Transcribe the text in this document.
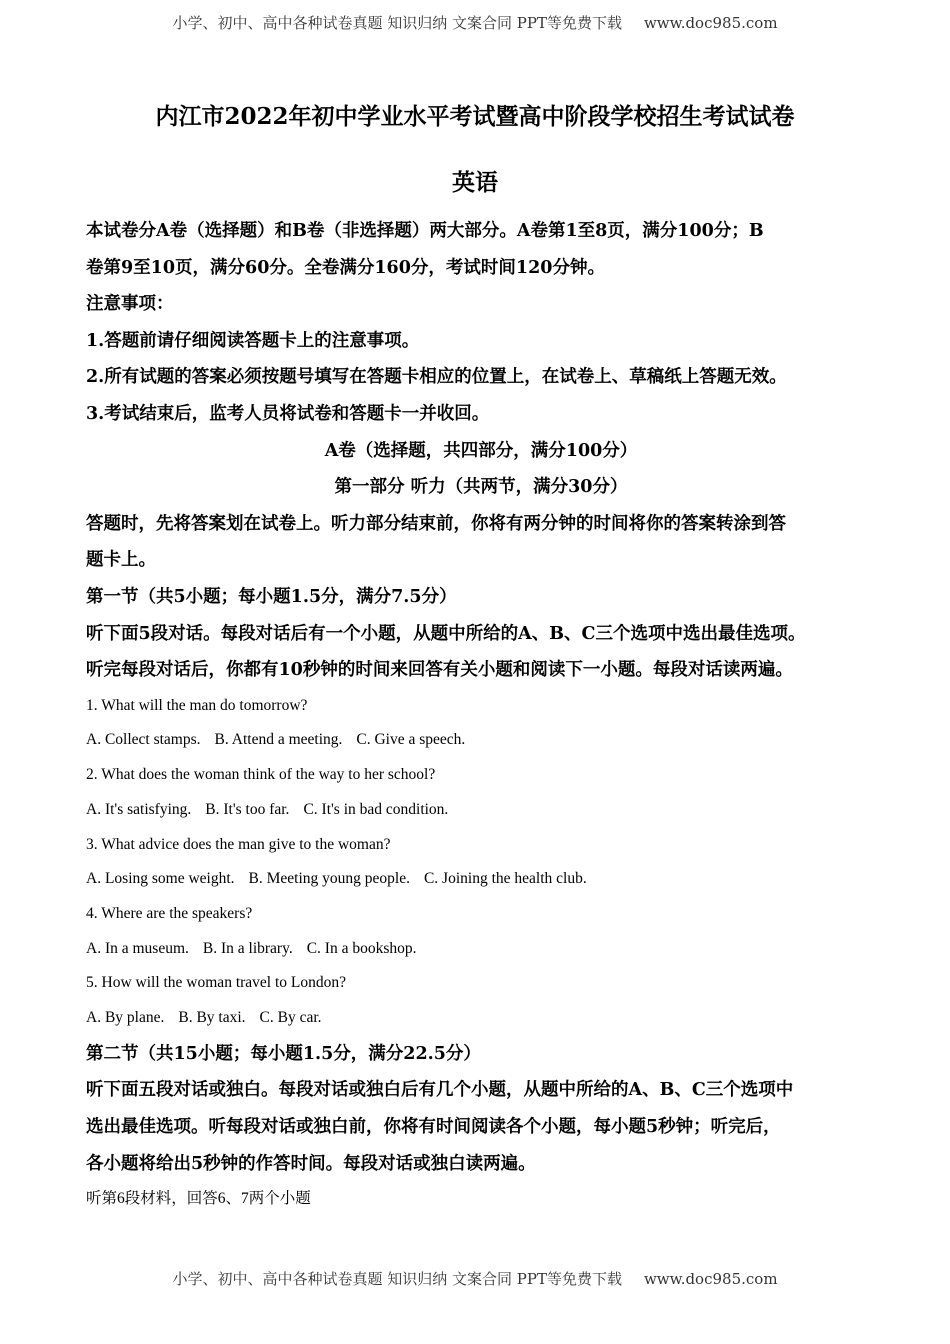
小学、初中、高中各种试卷真题 知识归纳 文案合同 PPT等免费下载 www.doc985.com
内江市2022年初中学业水平考试暨高中阶段学校招生考试试卷
英语
本试卷分A卷（选择题）和B卷（非选择题）两大部分。A卷第1至8页，满分100分；B
卷第9至10页，满分60分。全卷满分160分，考试时间120分钟。
注意事项：
1.答题前请仔细阅读答题卡上的注意事项。
2.所有试题的答案必须按题号填写在答题卡相应的位置上，在试卷上、草稿纸上答题无效。
3.考试结束后，监考人员将试卷和答题卡一并收回。
A卷（选择题，共四部分，满分100分）
第一部分 听力（共两节，满分30分）
答题时，先将答案划在试卷上。听力部分结束前，你将有两分钟的时间将你的答案转涂到答
题卡上。
第一节（共5小题；每小题1.5分，满分7.5分）
听下面5段对话。每段对话后有一个小题，从题中所给的A、B、C三个选项中选出最佳选项。
听完每段对话后，你都有10秒钟的时间来回答有关小题和阅读下一小题。每段对话读两遍。
1. What will the man do tomorrow?
A. Collect stamps. B. Attend a meeting. C. Give a speech.
2. What does the woman think of the way to her school?
A. It's satisfying. B. It's too far. C. It's in bad condition.
3. What advice does the man give to the woman?
A. Losing some weight. B. Meeting young people. C. Joining the health club.
4. Where are the speakers?
A. In a museum. B. In a library. C. In a bookshop.
5. How will the woman travel to London?
A. By plane. B. By taxi. C. By car.
第二节（共15小题；每小题1.5分，满分22.5分）
听下面五段对话或独白。每段对话或独白后有几个小题，从题中所给的A、B、C三个选项中
选出最佳选项。听每段对话或独白前，你将有时间阅读各个小题，每小题5秒钟；听完后，
各小题将给出5秒钟的作答时间。每段对话或独白读两遍。
听第6段材料，回答6、7两个小题
小学、初中、高中各种试卷真题 知识归纳 文案合同 PPT等免费下载 www.doc985.com
